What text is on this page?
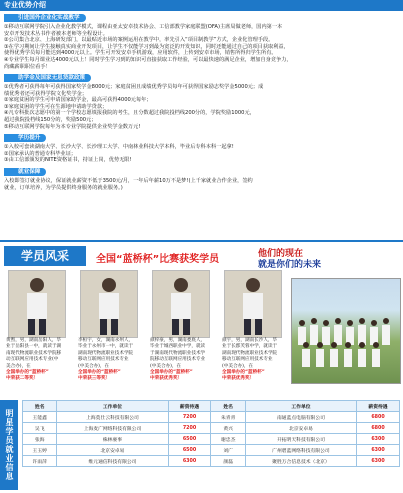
专业优势介绍
引进国外企业化实战教学
①移动互联网学院引入企业化教学模式，课程由亚太安卓技术协会、工信部教学家庭联盟(OFA)主席局做老师，国内第一本
安卓开发技术丛书作者被本老师等全程设计。
②公司集合北京、上海研发部门，以最贴近市场的案例运用在教学中，率先引入“项目制教学”方式，企业化管理手段。
③在学习期间让学生接触真实商业开发项目，让学生不仅能学习到最为宽泛的开发知识，同时还能通过自己的项目获取利益，
使得优秀学员每月能达到4000元以上。学生可开发安卓手机游戏，应用软件，上传到安卓市场，销售所得归学生所有。
④专业学生每月课业达4000元以上！同时学生学习到的知识可直接获取工作经验，可以最快速的满足企业，增加自身竞争力，
尚藏薪职职位看手！
助学金及国家无息贷款政策
①优秀者可获得每年可获得国家奖学金8000元；家庭贫困且成绩优秀学员每年可获得国家励志奖学金5000元；成
绩优秀者还可获得学院文化奖学金；
②家庭贫困的学生可申请国家助学金，最高可获得4000元每年；
③家庭贫困的学生可在生源地申请助学贷款；
④凡专科批次志愿中的第一个学校志愿填报我院的考生，且分数超过我院投档线200分的，学院奖励1000元，
超过我院投档线150分的，奖励500元；
⑤移动互联网学院每年为本专业学院提供企业奖学金数万元!
学历提升
①入校可套读湖南大学、长沙大学、长沙理工大学、中南林业科技大学本科，毕业后专科本科一起拿!
②国家承认的普通专科毕业证；
③由工信部颁发的NITE资格证书，持证上岗，优势无限!
就业保障
入校即签订就业协议，保证就业薪资不低于3500元/月，一年后年薪10万不是梦!(上千家就业合作企业，签约
就业，订单培养，为学员提供终身服务的就业服务。)
学员风采	全国“蓝桥杯”比赛获奖学员	他们的现在
就是你们的未来
黄煦，男，湖南岳阳人，毕业于岳阳县一中，就读于湖南现代物流职业技术学院移动互联网应用技术专业(中美合办)，在
全国举办的“蓝桥杯”
中荣获二等奖！
李桓宇，女，湖南永州人，毕业于永州市一中，就读于湖南现代物流职业技术学院移动互联网应用技术专业(中美合办)，在
全国举办的“蓝桥杯”
中荣获三等奖！
颜梓豪，男，湖南娄底人，毕业于城西职业中学，就读于湖南现代物流职业技术学院移动互联网应用技术专业(中美合办)，在
全国举办的“蓝桥杯”
中荣获优秀奖！
颜宇，男，湖南长沙人，毕业于长郡芙蓉中学，就读于湖南现代物流职业技术学院移动互联网应用技术专业(中美合办)，在
全国举办的“蓝桥杯”
中荣获优秀奖！
明星学员就业信息
姓名	工作单位	薪资待遇	姓名	工作单位	薪资待遇
王能鑫	上海莫仕云科技有限公司	7200	朱青青	南通蓝点电脑有限公司	6800
吴飞	上海麦广网络科技有限公司	7200	黄兴	北京安卓易	6800
张海	株林豪事	6500	谢忠杰	开拓明天科技有限公司	6300
王玉婷	北京安卓易	6500	刘广	广州碧蓝网络科技有限公司	6300
许雨萍	维元通信科技有限公司	6300	颜磊	聚胜万合信息技术（北京）	6300
